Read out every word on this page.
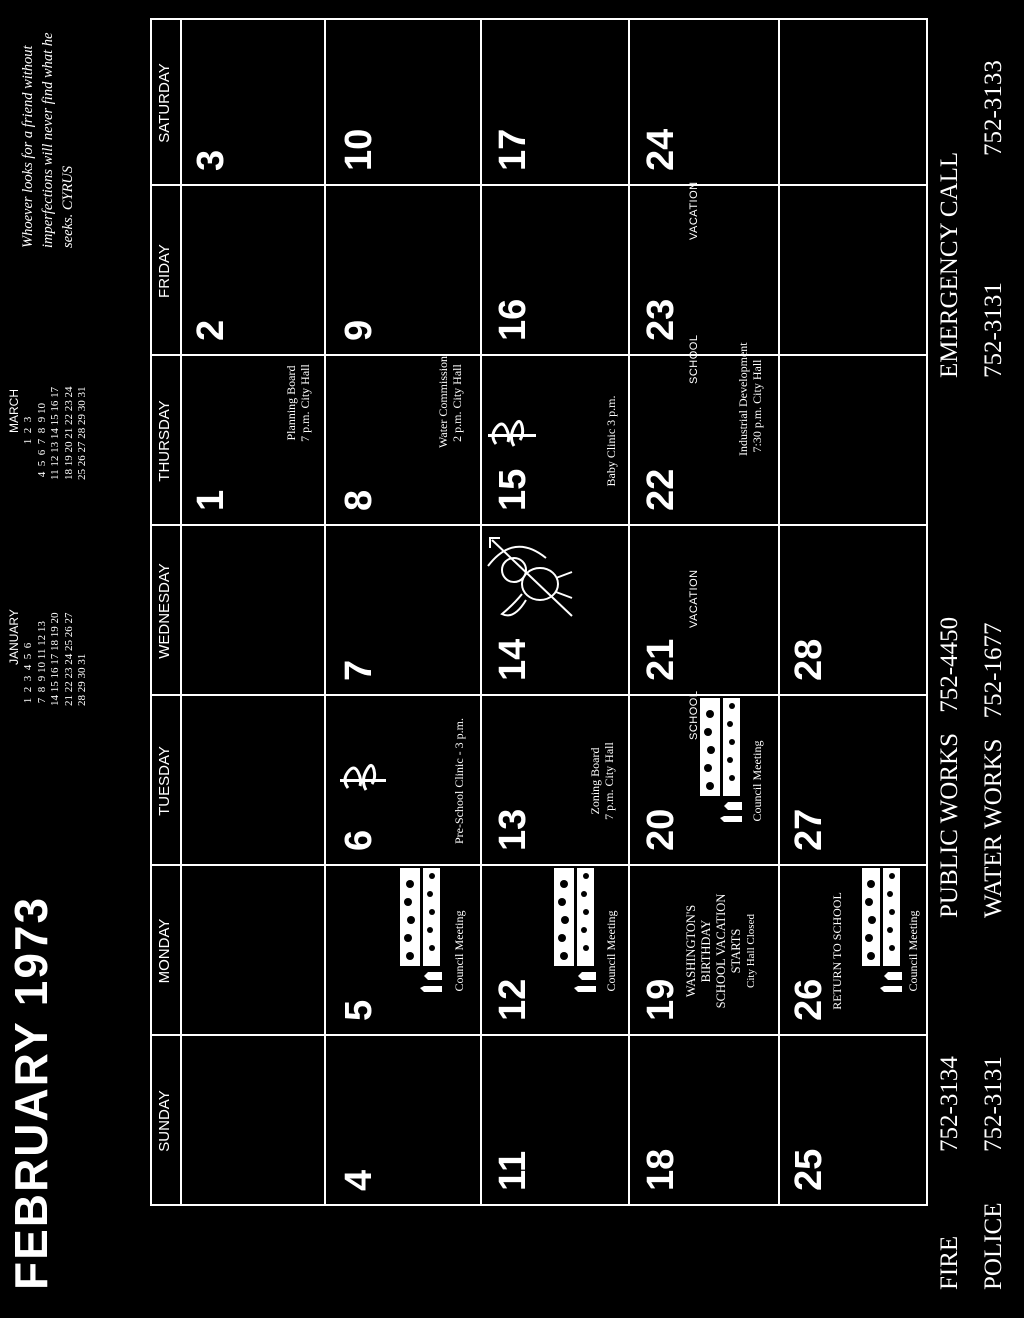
FEBRUARY 1973
JANUARY
1  2  3  4  5  6 7  8  9 10 11 12 13 14 15 16 17 18 19 20 21 22 23 24 25 26 27 28 29 30 31
MARCH
1  2  3 4  5  6  7  8  9 10 11 12 13 14 15 16 17 18 19 20 21 22 23 24 25 26 27 28 29 30 31
Whoever looks for a friend without imperfections will never find what he seeks. CYRUS
SUNDAY
MONDAY
TUESDAY
WEDNESDAY
THURSDAY
FRIDAY
SATURDAY
1
Planning Board 7 p.m. City Hall
2
3
4
5
Council Meeting
6	Pre-School Clinic - 3 p.m.
7
8
Water Commission 2 p.m. City Hall
9
10
11
12
Council Meeting
13
Zoning Board 7 p.m. City Hall
14
15
Baby Clinic 3 p.m.
16
17
18
19
WASHINGTON'S BIRTHDAY SCHOOL VACATION STARTS City Hall Closed
20
Council Meeting
21
22
Industrial Development 7:30 p.m. City Hall
23
24
SCHOOL
VACATION
SCHOOL
VACATION
25
26 RETURN TO SCHOOL	Council Meeting
27
28
FIRE
752-3134
POLICE
752-3131
PUBLIC WORKS 752-4450
WATER WORKS 752-1677
EMERGENCY CALL 752-3131
752-3133
